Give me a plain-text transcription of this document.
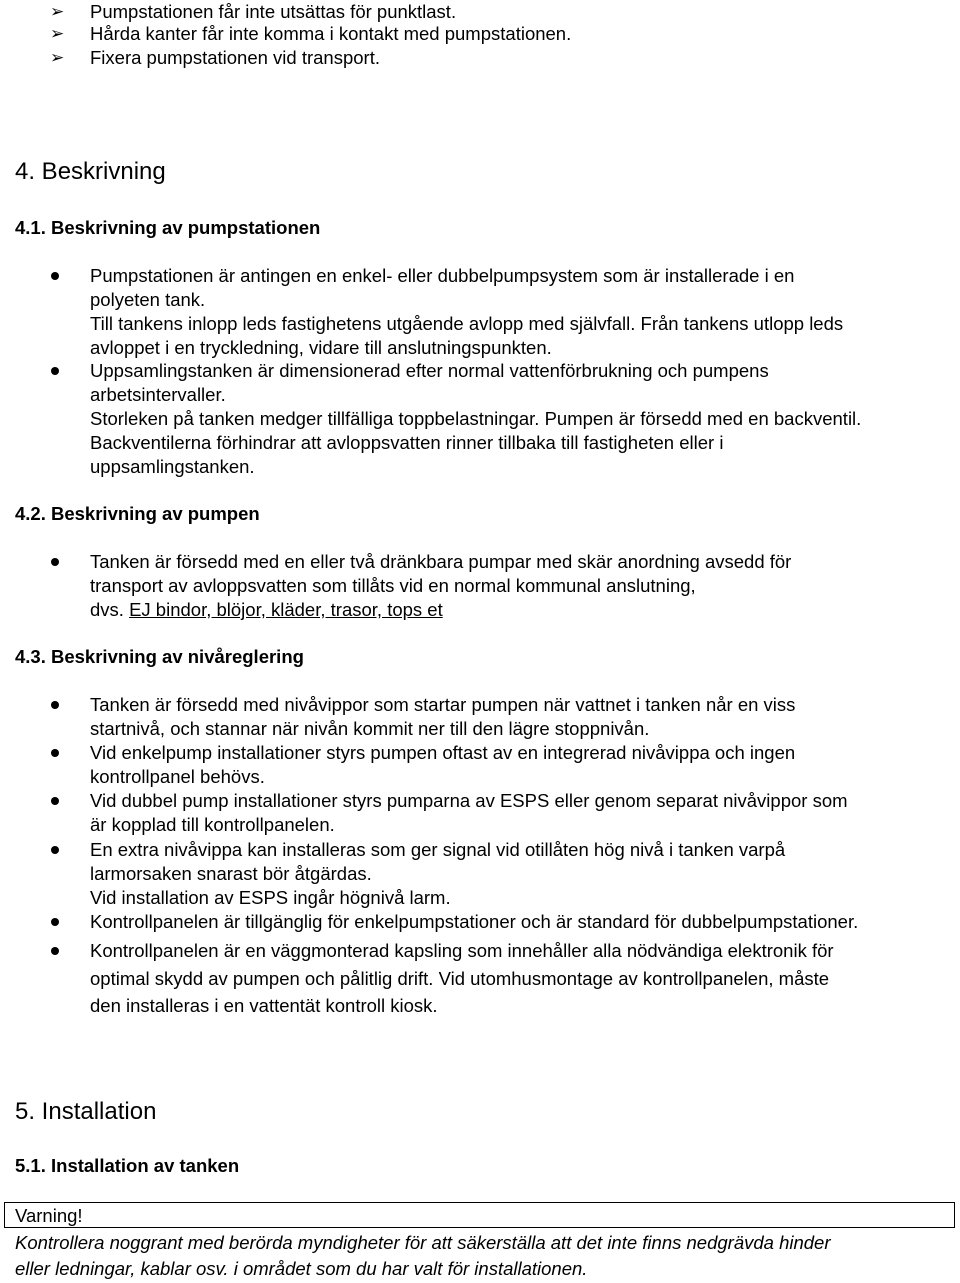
➢ Pumpstationen får inte utsättas för punktlast.
➢ Hårda kanter får inte komma i kontakt med pumpstationen.
➢ Fixera pumpstationen vid transport.
4. Beskrivning
4.1. Beskrivning av pumpstationen
Pumpstationen är antingen en enkel- eller dubbelpumpsystem som är installerade i en
polyeten tank.
Till tankens inlopp leds fastighetens utgående avlopp med självfall. Från tankens utlopp leds
avloppet i en tryckledning, vidare till anslutningspunkten.
Uppsamlingstanken är dimensionerad efter normal vattenförbrukning och pumpens
arbetsintervaller.
Storleken på tanken medger tillfälliga toppbelastningar. Pumpen är försedd med en backventil.
Backventilerna förhindrar att avloppsvatten rinner tillbaka till fastigheten eller i
uppsamlingstanken.
4.2. Beskrivning av pumpen
Tanken är försedd med en eller två dränkbara pumpar med skär anordning avsedd för
transport av avloppsvatten som tillåts vid en normal kommunal anslutning,
dvs. EJ bindor, blöjor, kläder, trasor, tops et
4.3. Beskrivning av nivåreglering
Tanken är försedd med nivåvippor som startar pumpen när vattnet i tanken når en viss
startnivå, och stannar när nivån kommit ner till den lägre stoppnivån.
Vid enkelpump installationer styrs pumpen oftast av en integrerad nivåvippa och ingen
kontrollpanel behövs.
Vid dubbel pump installationer styrs pumparna av ESPS eller genom separat nivåvippor som
är kopplad till kontrollpanelen.
En extra nivåvippa kan installeras som ger signal vid otillåten hög nivå i tanken varpå
larmorsaken snarast bör åtgärdas.
Vid installation av ESPS ingår högnivå larm.
Kontrollpanelen är tillgänglig för enkelpumpstationer och är standard för dubbelpumpstationer.
Kontrollpanelen är en väggmonterad kapsling som innehåller alla nödvändiga elektronik för
optimal skydd av pumpen och pålitlig drift. Vid utomhusmontage av kontrollpanelen, måste
den installeras i en vattentät kontroll kiosk.
5. Installation
5.1. Installation av tanken
Varning!
Kontrollera noggrant med berörda myndigheter för att säkerställa att det inte finns nedgrävda hinder
eller ledningar, kablar osv. i området som du har valt för installationen.
